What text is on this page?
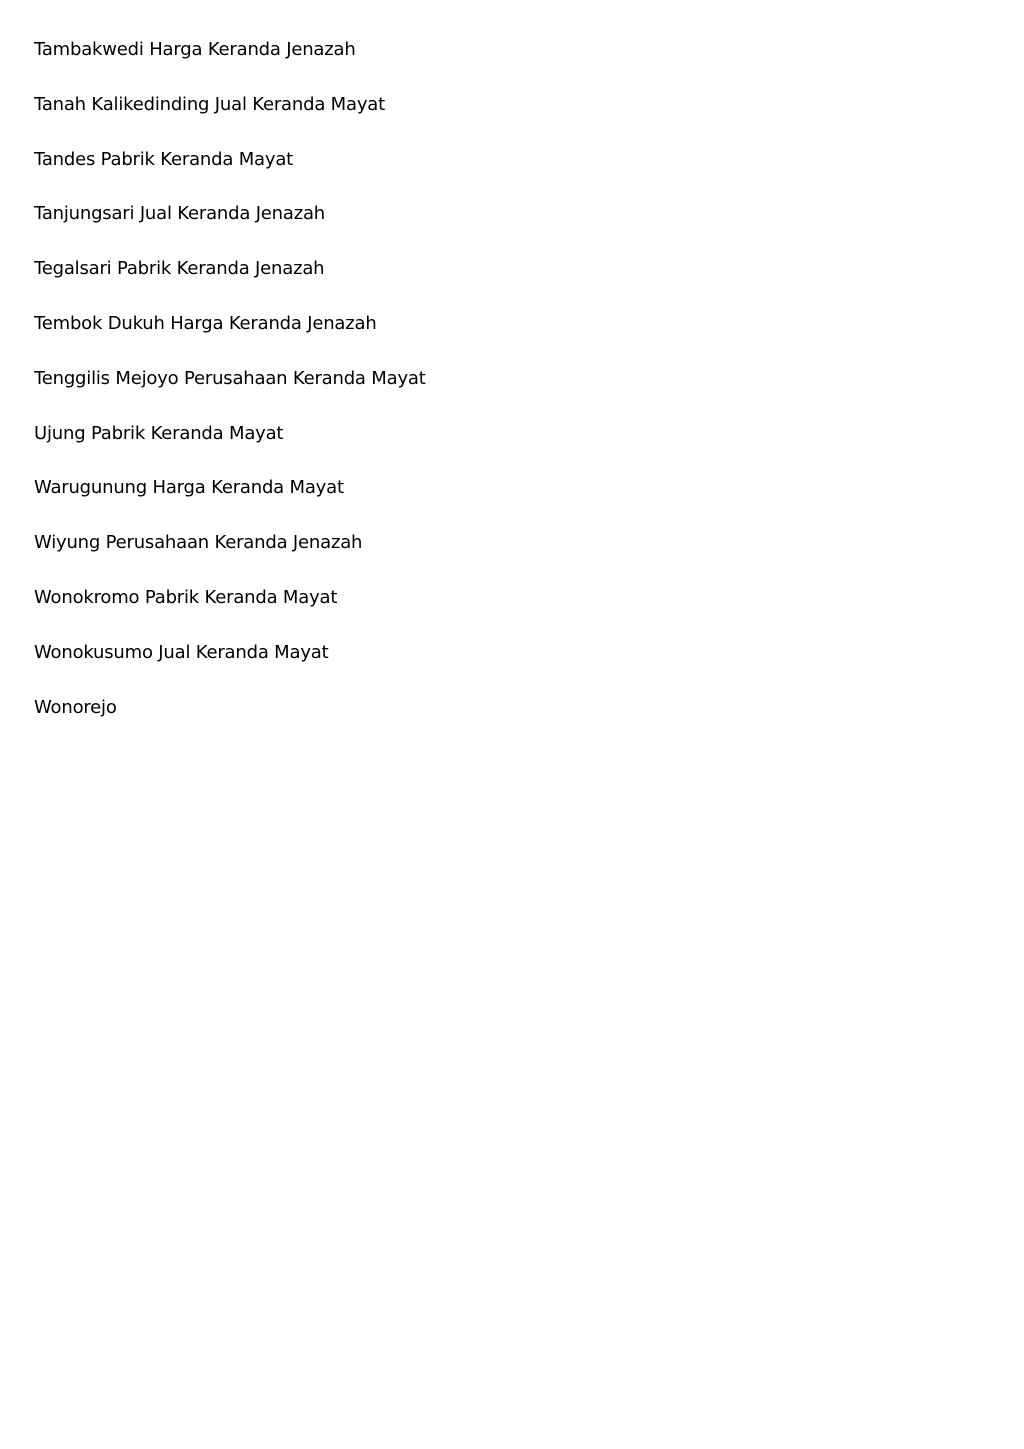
Tambakwedi Harga Keranda Jenazah
Tanah Kalikedinding Jual Keranda Mayat
Tandes Pabrik Keranda Mayat
Tanjungsari Jual Keranda Jenazah
Tegalsari Pabrik Keranda Jenazah
Tembok Dukuh Harga Keranda Jenazah
Tenggilis Mejoyo Perusahaan Keranda Mayat
Ujung Pabrik Keranda Mayat
Warugunung Harga Keranda Mayat
Wiyung Perusahaan Keranda Jenazah
Wonokromo Pabrik Keranda Mayat
Wonokusumo Jual Keranda Mayat
Wonorejo
